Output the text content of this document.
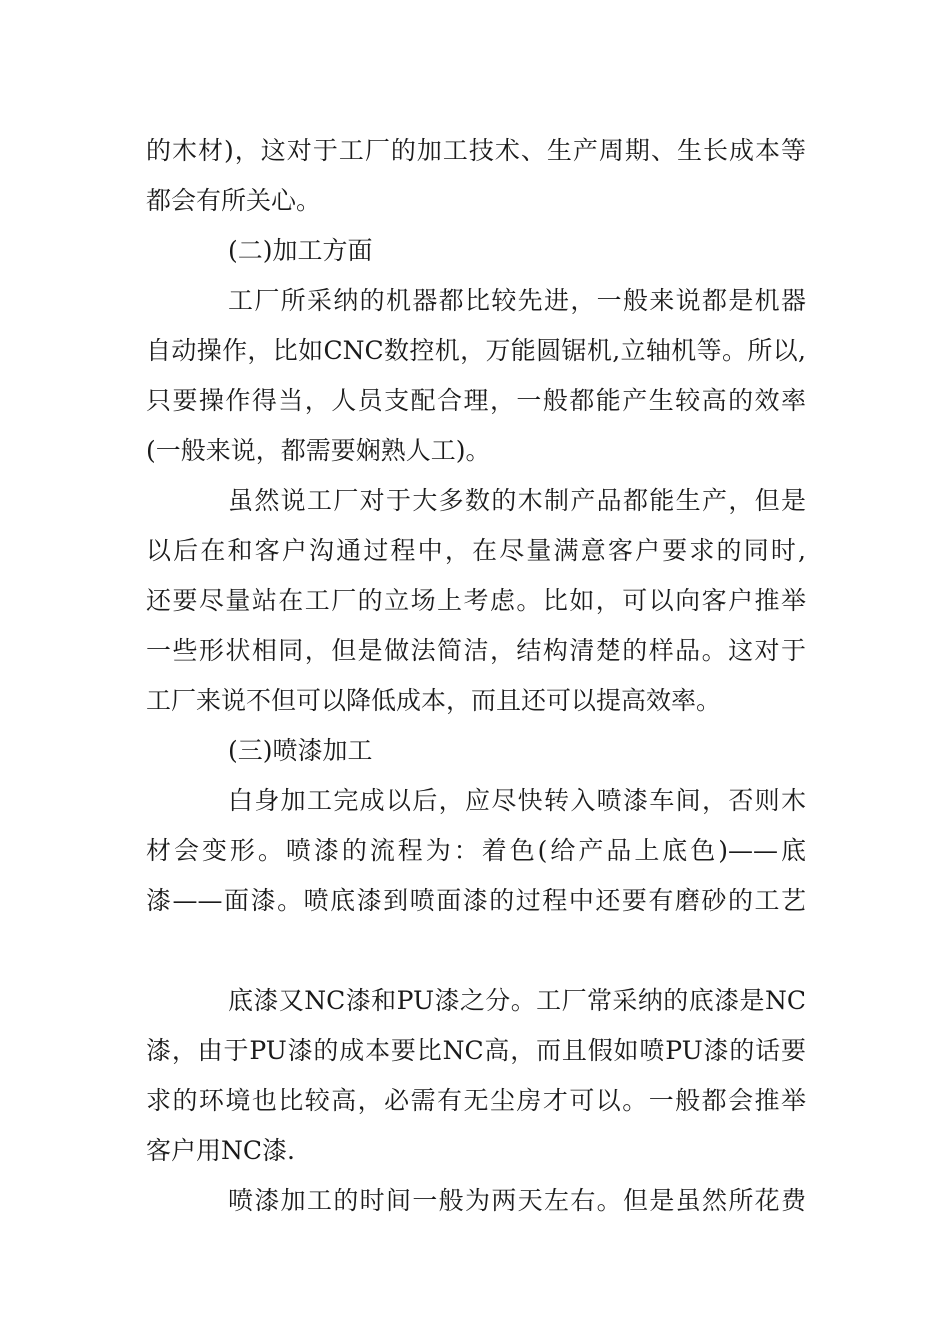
的木材)，这对于工厂的加工技术、生产周期、生长成本等
都会有所关心。
(二)加工方面
工厂所采纳的机器都比较先进，一般来说都是机器
自动操作，比如CNC数控机，万能圆锯机,立轴机等。所以,
只要操作得当，人员支配合理，一般都能产生较高的效率
(一般来说，都需要娴熟人工)。
虽然说工厂对于大多数的木制产品都能生产，但是
以后在和客户沟通过程中，在尽量满意客户要求的同时,
还要尽量站在工厂的立场上考虑。比如，可以向客户推举
一些形状相同，但是做法简洁，结构清楚的样品。这对于
工厂来说不但可以降低成本，而且还可以提高效率。
(三)喷漆加工
白身加工完成以后，应尽快转入喷漆车间，否则木
材会变形。喷漆的流程为：着色(给产品上底色)——底
漆——面漆。喷底漆到喷面漆的过程中还要有磨砂的工艺
底漆又NC漆和PU漆之分。工厂常采纳的底漆是NC
漆，由于PU漆的成本要比NC高，而且假如喷PU漆的话要
求的环境也比较高，必需有无尘房才可以。一般都会推举
客户用NC漆.
喷漆加工的时间一般为两天左右。但是虽然所花费
